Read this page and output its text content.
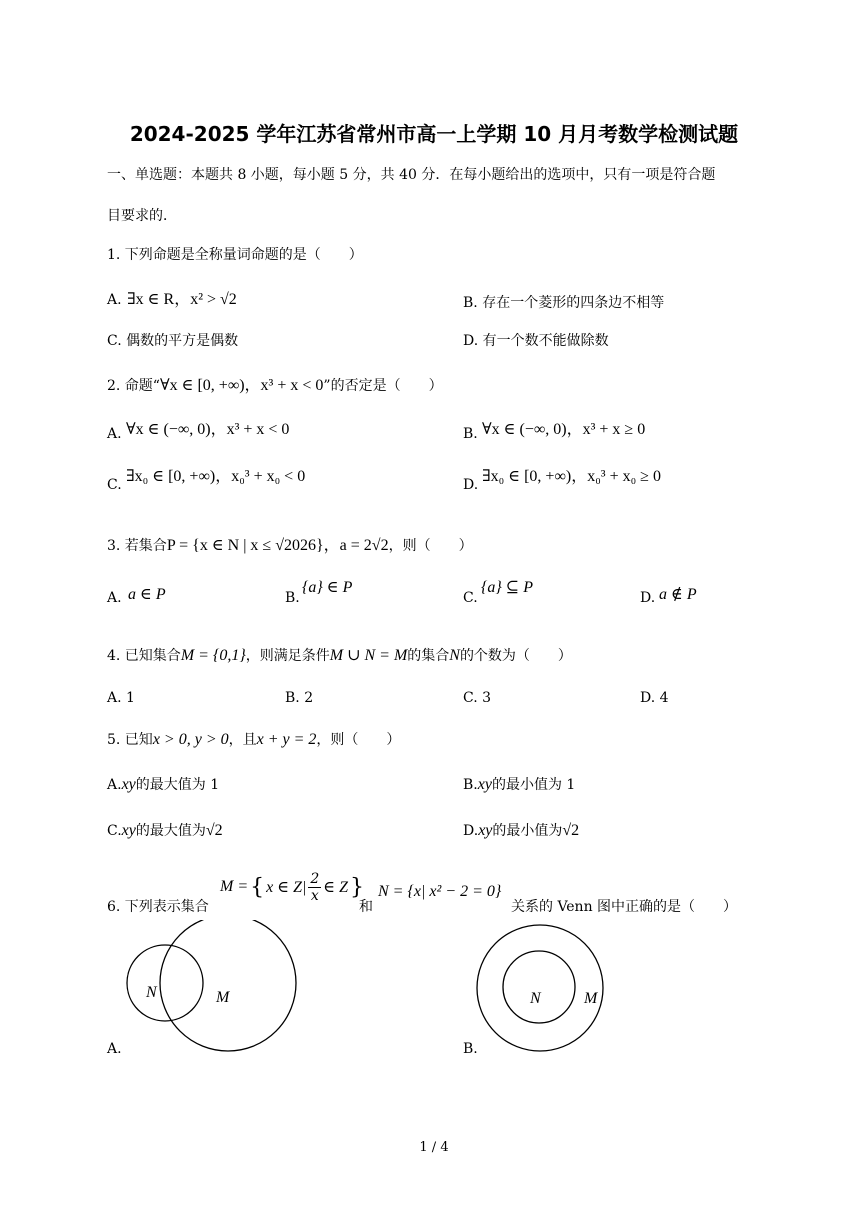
2024-2025 学年江苏省常州市高一上学期 10 月月考数学检测试题
一、单选题：本题共 8 小题，每小题 5 分，共 40 分．在每小题给出的选项中，只有一项是符合题
目要求的．
1. 下列命题是全称量词命题的是（　　）
A. ∃x ∈ R，x² > √2	B. 存在一个菱形的四条边不相等
C. 偶数的平方是偶数	D. 有一个数不能做除数
2. 命题“∀x ∈ [0, +∞)，x³ + x < 0”的否定是（　　）
A. ∀x ∈ (−∞, 0)，x³ + x < 0	B. ∀x ∈ (−∞, 0)，x³ + x ≥ 0
C. ∃x₀ ∈ [0, +∞)，x₀³ + x₀ < 0	D. ∃x₀ ∈ [0, +∞)，x₀³ + x₀ ≥ 0
3. 若集合P = {x ∈ N | x ≤ √2026}，a = 2√2，则（　　）
A. a ∈ P	B.
{a} ∈ P
C.
{a} ⊆ P
D. a ∉ P
4. 已知集合M = {0,1}，则满足条件M ∪ N = M的集合N的个数为（　　）
A. 1	B. 2	C. 3	D. 4
5. 已知x > 0, y > 0，且x + y = 2，则（　　）
A.xy的最大值为 1	B.xy的最小值为 1
C.xy的最大值为√2	D.xy的最小值为√2
6. 下列表示集合
M = { x ∈ $Z| \frac{2}{x}$ ∈ Z }
和
N = {x| x² − 2 = 0}
关系的 Venn 图中正确的是（　　）
N	M
A.
N	M
B.
1 / 4
